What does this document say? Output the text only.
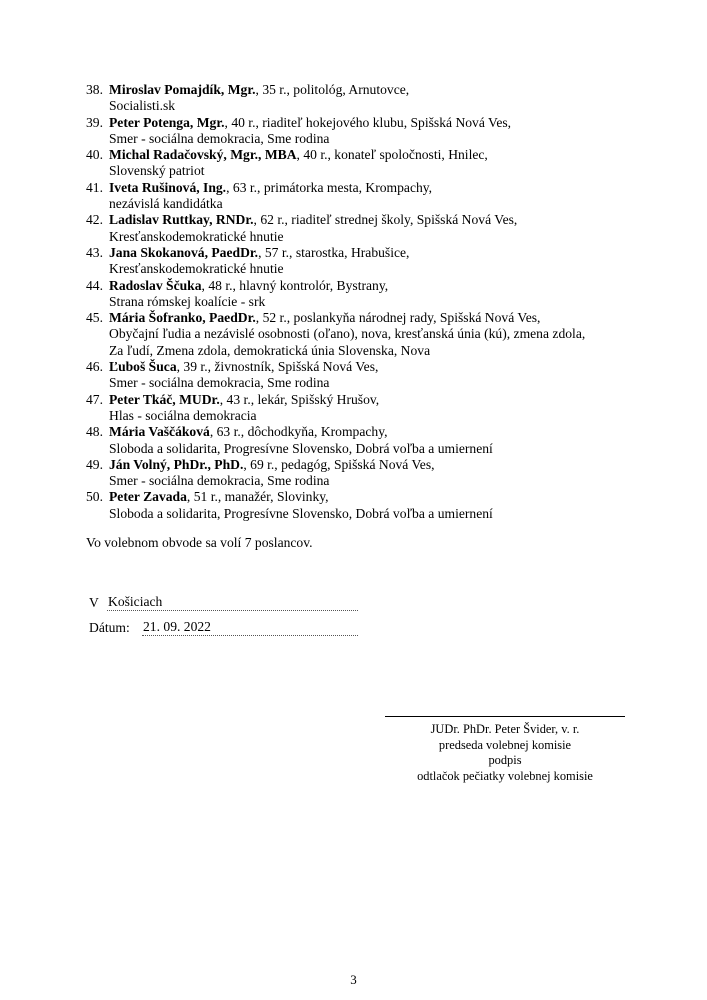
38. Miroslav Pomajdík, Mgr., 35 r., politológ, Arnutovce,
Socialisti.sk
39. Peter Potenga, Mgr., 40 r., riaditeľ hokejového klubu, Spišská Nová Ves,
Smer - sociálna demokracia, Sme rodina
40. Michal Radačovský, Mgr., MBA, 40 r., konateľ spoločnosti, Hnilec,
Slovenský patriot
41. Iveta Rušinová, Ing., 63 r., primátorka mesta, Krompachy,
nezávislá kandidátka
42. Ladislav Ruttkay, RNDr., 62 r., riaditeľ strednej školy, Spišská Nová Ves,
Kresťanskodemokratické hnutie
43. Jana Skokanová, PaedDr., 57 r., starostka, Hrabušice,
Kresťanskodemokratické hnutie
44. Radoslav Ščuka, 48 r., hlavný kontrolór, Bystrany,
Strana rómskej koalície - srk
45. Mária Šofranko, PaedDr., 52 r., poslankyňa národnej rady, Spišská Nová Ves,
Obyčajní ľudia a nezávislé osobnosti (oľano), nova, kresťanská únia (kú), zmena zdola,
Za ľudí, Zmena zdola, demokratická únia Slovenska, Nova
46. Ľuboš Šuca, 39 r., živnostník, Spišská Nová Ves,
Smer - sociálna demokracia, Sme rodina
47. Peter Tkáč, MUDr., 43 r., lekár, Spišský Hrušov,
Hlas - sociálna demokracia
48. Mária Vaščáková, 63 r., dôchodkyňa, Krompachy,
Sloboda a solidarita, Progresívne Slovensko, Dobrá voľba a umiernení
49. Ján Volný, PhDr., PhD., 69 r., pedagóg, Spišská Nová Ves,
Smer - sociálna demokracia, Sme rodina
50. Peter Zavada, 51 r., manažér, Slovinky,
Sloboda a solidarita, Progresívne Slovensko, Dobrá voľba a umiernení
Vo volebnom obvode sa volí 7 poslancov.
V Košiciach
Dátum: 21. 09. 2022
JUDr. PhDr. Peter Švider, v. r.
predseda volebnej komisie
podpis
odtlačok pečiatky volebnej komisie
3
